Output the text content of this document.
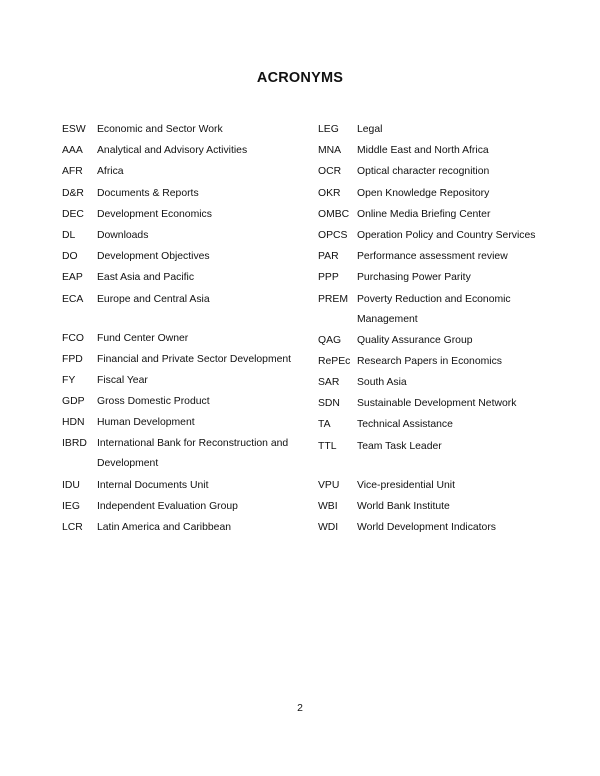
ACRONYMS
ESW	Economic and Sector Work
AAA	Analytical and Advisory Activities
AFR	Africa
D&R	Documents & Reports
DEC	Development Economics
DL	Downloads
DO	Development Objectives
EAP	East Asia and Pacific
ECA	Europe and Central Asia
FCO	Fund Center Owner
FPD	Financial and Private Sector Development
FY	Fiscal Year
GDP	Gross Domestic Product
HDN	Human Development
IBRD International Bank for Reconstruction and Development
IDU	Internal Documents Unit
IEG	Independent Evaluation Group
LCR	Latin America and Caribbean
LEG	Legal
MNA	Middle East and North Africa
OCR	Optical character recognition
OKR	Open Knowledge Repository
OMBC Online Media Briefing Center
OPCS Operation Policy and Country Services
PAR	Performance assessment review
PPP	Purchasing Power Parity
PREM Poverty Reduction and Economic Management
QAG	Quality Assurance Group
RePEc Research Papers in Economics
SAR	South Asia
SDN	Sustainable Development Network
TA	Technical Assistance
TTL	Team Task Leader
VPU	Vice-presidential Unit
WBI	World Bank Institute
WDI	World Development Indicators
2
